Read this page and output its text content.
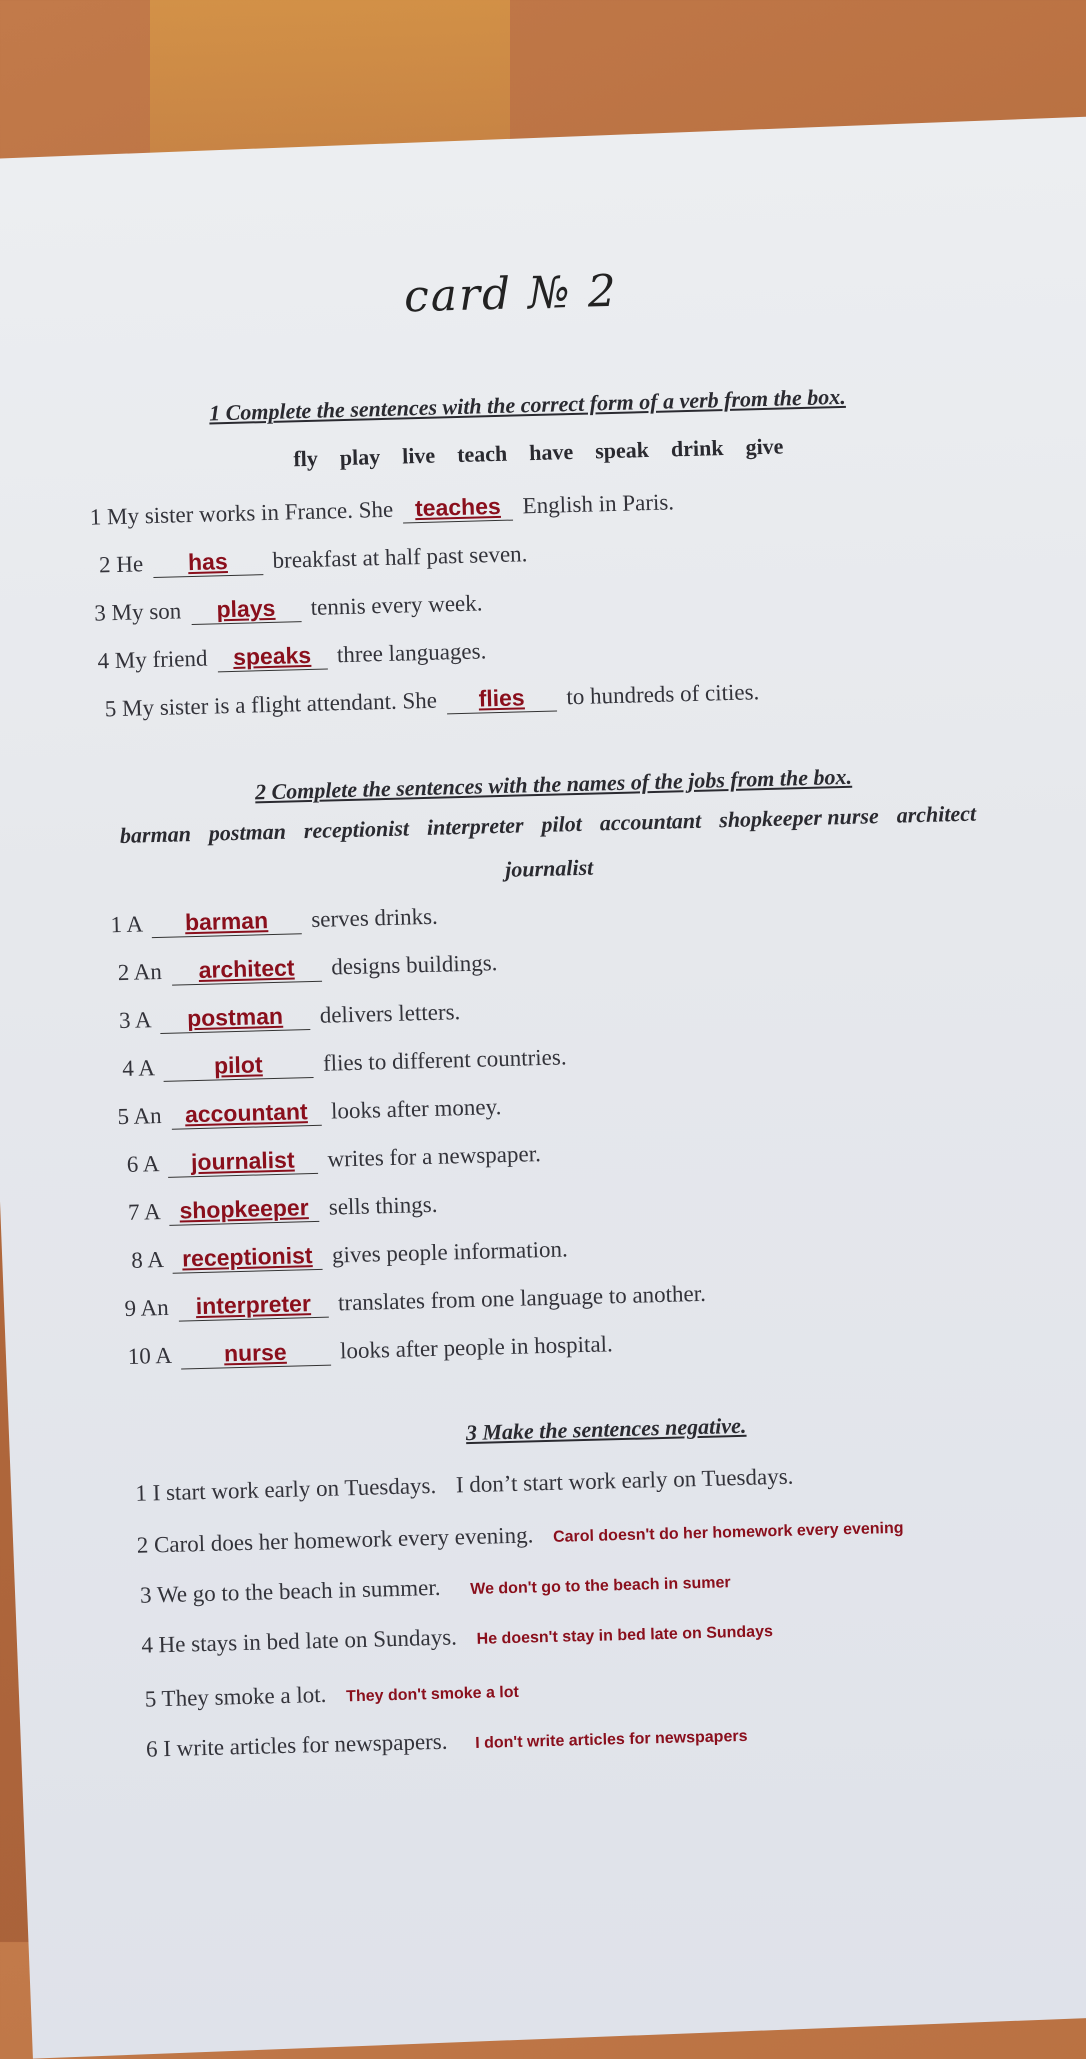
card № 2
1 Complete the sentences with the correct form of a verb from the box.
fly play live teach have speak drink give
1 My sister works in France. She teaches English in Paris.
2 He has breakfast at half past seven.
3 My son plays tennis every week.
4 My friend speaks three languages.
5 My sister is a flight attendant. She flies to hundreds of cities.
2 Complete the sentences with the names of the jobs from the box.
barman postman receptionist interpreter pilot accountant shopkeeper nurse architect
journalist
1 A barman serves drinks.
2 An architect designs buildings.
3 A postman delivers letters.
4 A	pilot	flies to different countries.
5 An accountant looks after money.
6 A journalist writes for a newspaper.
7 A shopkeeper sells things.
8 A receptionist gives people information.
9 An interpreter translates from one language to another.
10 A nurse looks after people in hospital.
3 Make the sentences negative.
1 I start work early on Tuesdays. I don’t start work early on Tuesdays.
2 Carol does her homework every evening. Carol doesn't do her homework every evening
3 We go to the beach in summer. We don't go to the beach in sumer
4 He stays in bed late on Sundays. He doesn't stay in bed late on Sundays
5 They smoke a lot. They don't smoke a lot
6 I write articles for newspapers. I don't write articles for newspapers
